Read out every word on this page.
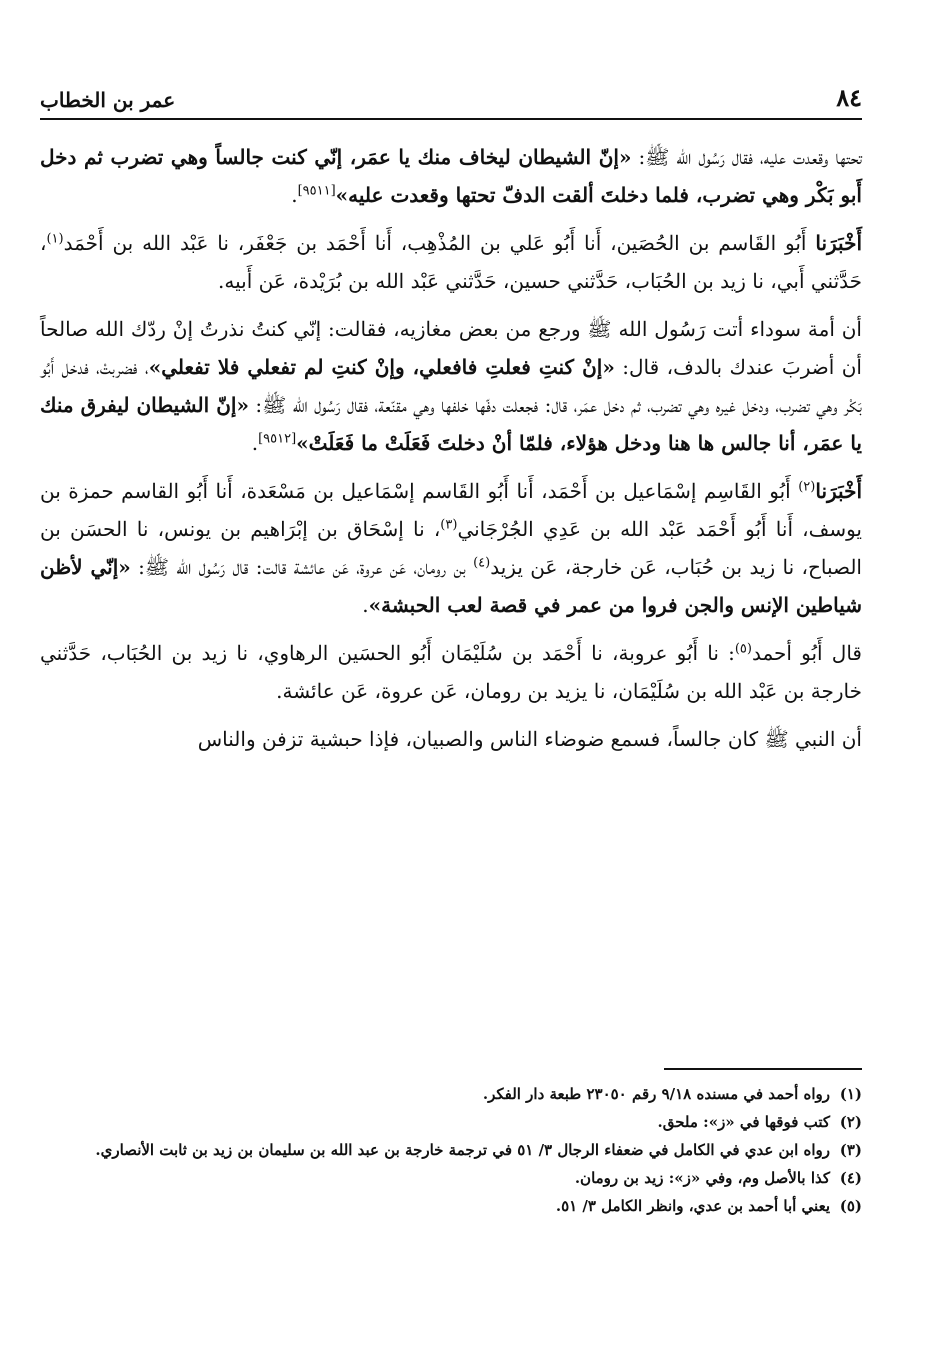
٨٤
عمر بن الخطاب

تحتها وقعدت عليه، فقال رَسُول الله ﷺ: «إنّ الشيطان ليخاف منك يا عمَر، إنّي كنت جالساً وهي تضرب ثم دخل أَبو بَكْر وهي تضرب، فلما دخلتَ ألقت الدفّ تحتها وقعدت عليه»[٩٥١١].

أَخْبَرَنا أَبُو القَاسم بن الحُصَين، أَنا أَبُو عَلي بن المُذْهِب، أَنا أَحْمَد بن جَعْفَر، نا عَبْد الله بن أَحْمَد$^{(١)}$، حَدَّثني أَبي، نا زيد بن الحُبَاب، حَدَّثني حسين، حَدَّثني عَبْد الله بن بُرَيْدة، عَن أَبيه.

أن أمة سوداء أتت رَسُول الله ﷺ ورجع من بعض مغازيه، فقالت: إنّي كنتُ نذرتُ إنْ ردّك الله صالحاً أن أضربَ عندك بالدف، قال: «إنْ كنتِ فعلتِ فافعلي، وإنْ كنتِ لم تفعلي فلا تفعلي»، فضربتْ، فدخل أَبُو بَكْر وهي تضرب، ودخل غيره وهي تضرب، ثم دخل عمَر، قال: فجعلت دفّها خلفها وهي مقنّعة، فقال رَسُول الله ﷺ: «إنّ الشيطان ليفرق منك يا عمَر، أنا جالس ها هنا ودخل هؤلاء، فلمّا أنْ دخلتَ فَعَلَتْ ما فَعَلَتْ»[٩٥١٢].

أَخْبَرَنا$^{(٢)}$ أَبُو القَاسِم إسْمَاعيل بن أَحْمَد، أَنا أَبُو القَاسم إسْمَاعيل بن مَسْعَدة، أَنا أَبُو القاسم حمزة بن يوسف، أَنا أَبُو أَحْمَد عَبْد الله بن عَدِي الجُرْجَاني$^{(٣)}$، نا إسْحَاق بن إبْرَاهيم بن يونس، نا الحسَن بن الصباح، نا زيد بن حُبَاب، عَن خارجة، عَن يزيد$^{(٤)}$ بن رومان، عَن عروة، عَن عائشة قالت: قال رَسُول الله ﷺ: «إنّي لأظن شياطين الإنس والجن فروا من عمر في قصة لعب الحبشة».

قال أَبُو أحمد$^{(٥)}$: نا أَبُو عروبة، نا أَحْمَد بن سُلَيْمَان أَبُو الحسَين الرهاوي، نا زيد بن الحُبَاب، حَدَّثني خارجة بن عَبْد الله بن سُلَيْمَان، نا يزيد بن رومان، عَن عروة، عَن عائشة.

أن النبي ﷺ كان جالساً، فسمع ضوضاء الناس والصبيان، فإذا حبشية تزفن والناس

(١)
رواه أحمد في مسنده ٩/١٨ رقم ٢٣٠٥٠ طبعة دار الفكر.
(٢)
كتب فوقها في «ز»: ملحق.
(٣)
رواه ابن عدي في الكامل في ضعفاء الرجال ٣/ ٥١ في ترجمة خارجة بن عبد الله بن سليمان بن زيد بن ثابت الأنصاري.
(٤)
كذا بالأصل وم، وفي «ز»: زيد بن رومان.
(٥)
يعني أبا أحمد بن عدي، وانظر الكامل ٣/ ٥١.
